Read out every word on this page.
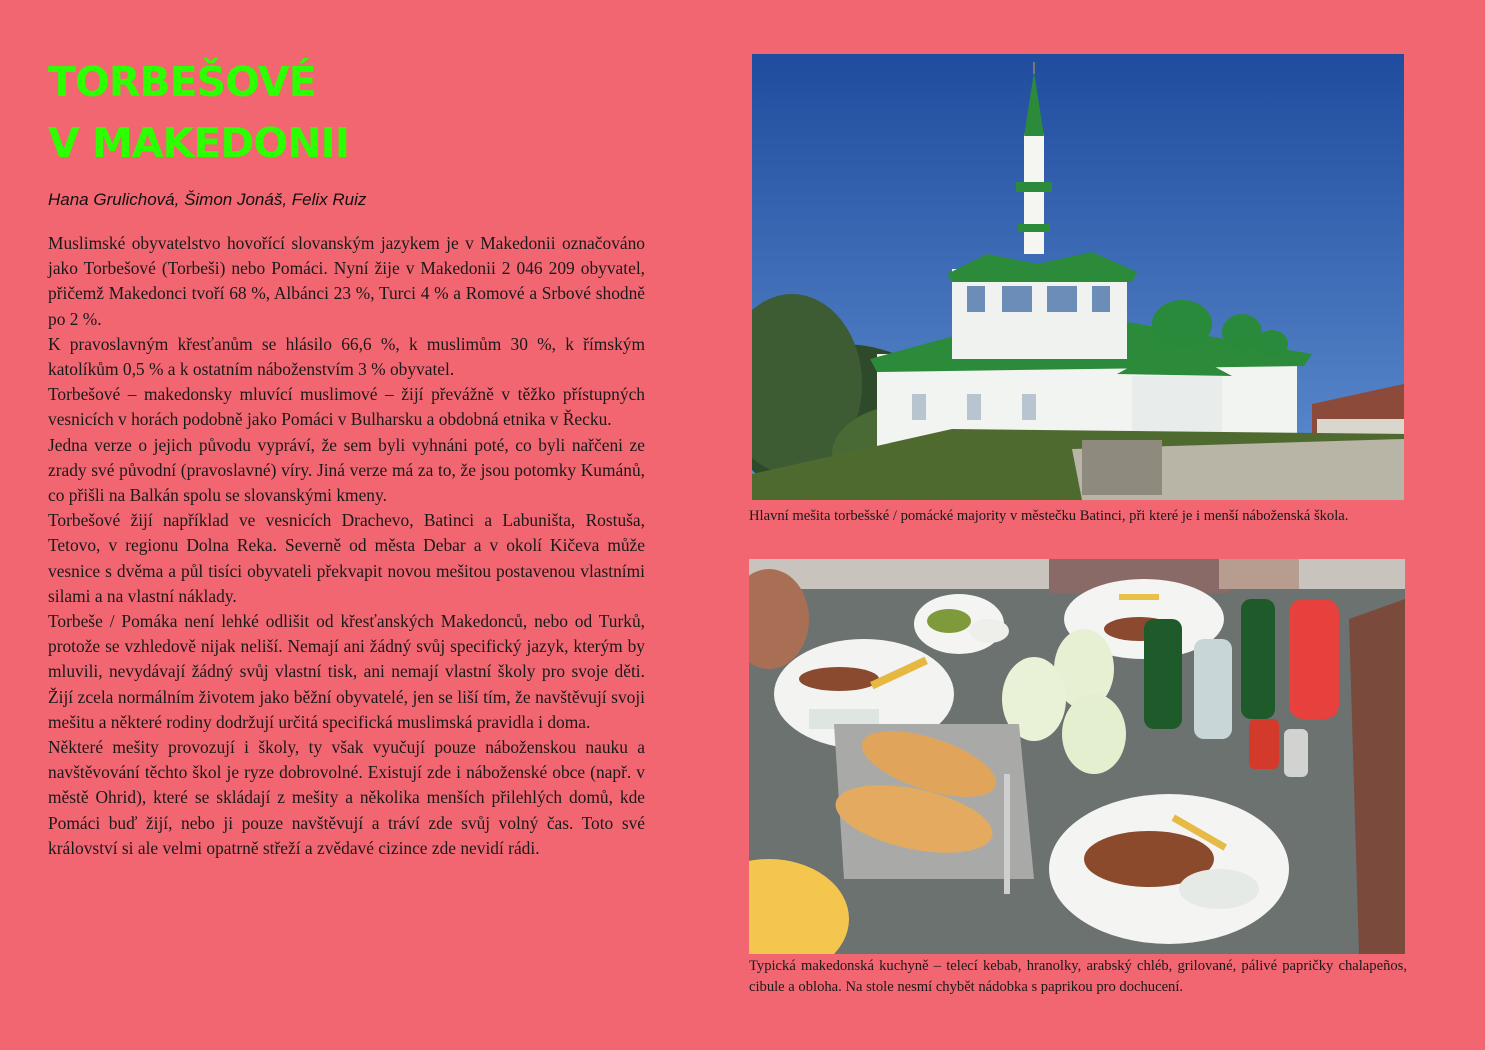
TORBEŠOVÉ
V MAKEDONII
Hana Grulichová, Šimon Jonáš, Felix Ruiz

Muslimské obyvatelstvo hovořící slovanským jazykem je v Makedonii označováno jako Torbešové (Torbeši) nebo Pomáci. Nyní žije v Makedonii 2 046 209 obyvatel, přičemž Makedonci tvoří 68 %, Albánci 23 %, Turci 4 % a Romové a Srbové shodně po 2 %.

K pravoslavným křesťanům se hlásilo 66,6 %, k muslimům 30 %, k římským katolíkům 0,5 % a k ostatním náboženstvím 3 % obyvatel.

Torbešové – makedonsky mluvící muslimové – žijí převážně v těžko přístupných vesnicích v horách podobně jako Pomáci v Bulharsku a obdobná etnika v Řecku.

Jedna verze o jejich původu vypráví, že sem byli vyhnáni poté, co byli nařčeni ze zrady své původní (pravoslavné) víry. Jiná verze má za to, že jsou potomky Kumánů, co přišli na Balkán spolu se slovanskými kmeny.

Torbešové žijí například ve vesnicích Drachevo, Batinci a Labuništa, Rostuša, Tetovo, v regionu Dolna Reka. Severně od města Debar a v okolí Kičeva může vesnice s dvěma a půl tisíci obyvateli překvapit novou mešitou postavenou vlastními silami a na vlastní náklady.

Torbeše / Pomáka není lehké odlišit od křesťanských Makedonců, nebo od Turků, protože se vzhledově nijak neliší. Nemají ani žádný svůj specifický jazyk, kterým by mluvili, nevydávají žádný svůj vlastní tisk, ani nemají vlastní školy pro svoje děti. Žijí zcela normálním životem jako běžní obyvatelé, jen se liší tím, že navštěvují svoji mešitu a některé rodiny dodržují určitá specifická muslimská pravidla i doma.

Některé mešity provozují i školy, ty však vyučují pouze náboženskou nauku a navštěvování těchto škol je ryze dobrovolné. Existují zde i náboženské obce (např. v městě Ohrid), které se skládají z mešity a několika menších přilehlých domů, kde Pomáci buď žijí, nebo ji pouze navštěvují a tráví zde svůj volný čas. Toto své království si ale velmi opatrně střeží a zvědavé cizince zde nevidí rádi.

Hlavní mešita torbešské / pomácké majority v městečku Batinci, při které je i menší náboženská škola.
Typická makedonská kuchyně – telecí kebab, hranolky, arabský chléb, grilované, pálivé papričky chalapeños, cibule a obloha. Na stole nesmí chybět nádobka s paprikou pro dochucení.
